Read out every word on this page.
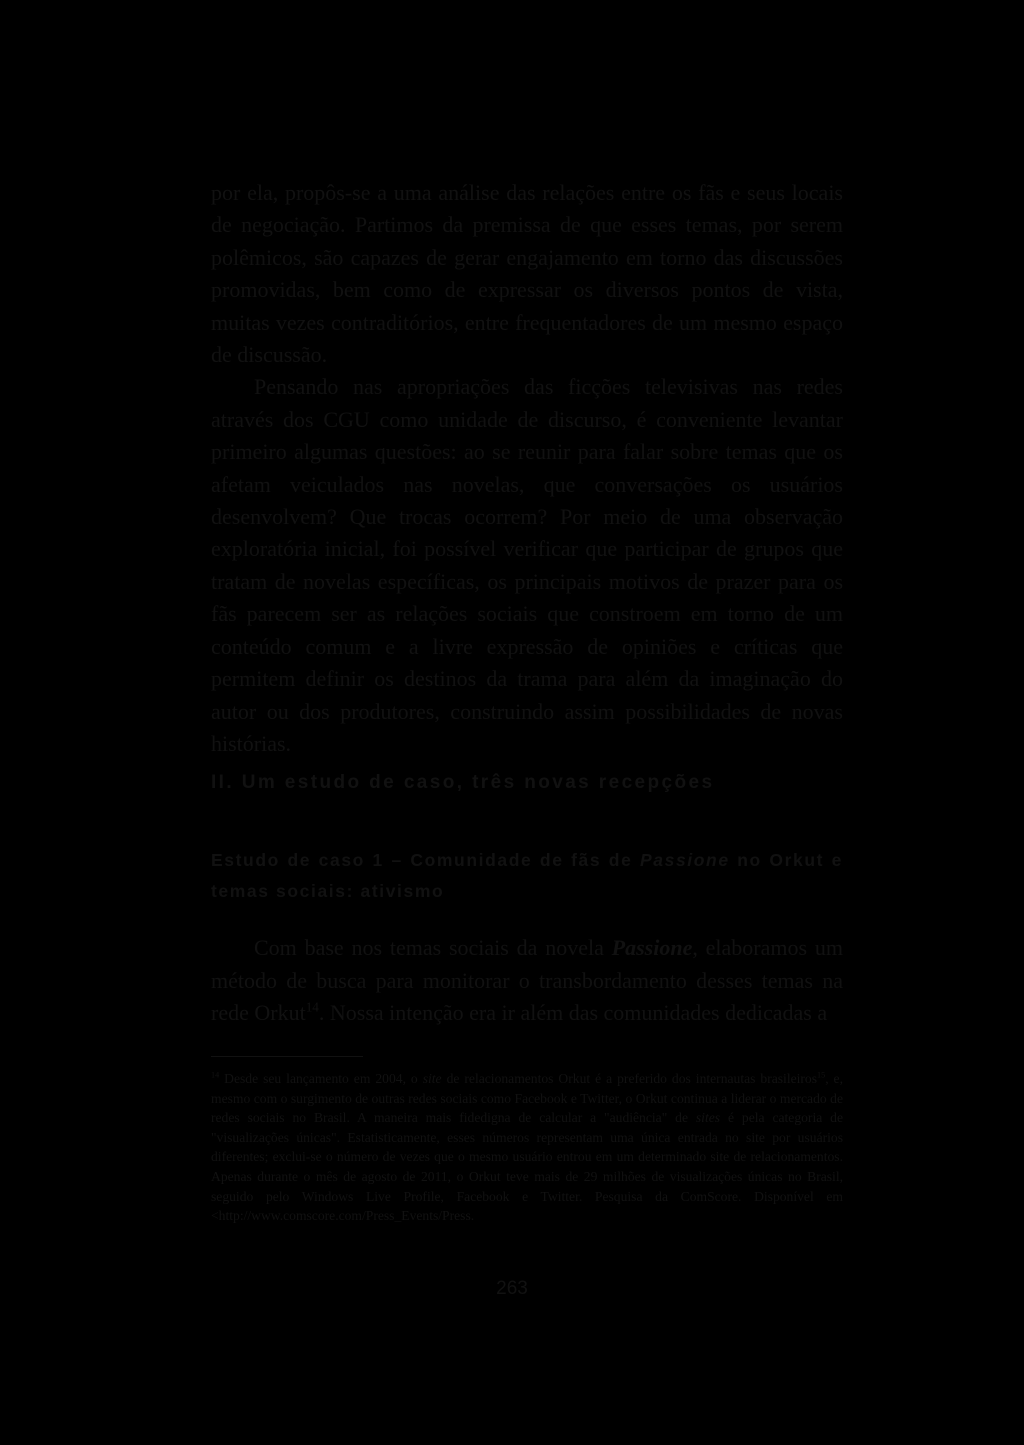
por ela, propôs-se a uma análise das relações entre os fãs e seus locais de negociação. Partimos da premissa de que esses temas, por serem polêmicos, são capazes de gerar engajamento em torno das discussões promovidas, bem como de expressar os diversos pontos de vista, muitas vezes contraditórios, entre frequentadores de um mesmo espaço de discussão.

Pensando nas apropriações das ficções televisivas nas redes através dos CGU como unidade de discurso, é conveniente levantar primeiro algumas questões: ao se reunir para falar sobre temas que os afetam veiculados nas novelas, que conversações os usuários desenvolvem? Que trocas ocorrem? Por meio de uma observação exploratória inicial, foi possível verificar que participar de grupos que tratam de novelas específicas, os principais motivos de prazer para os fãs parecem ser as relações sociais que constroem em torno de um conteúdo comum e a livre expressão de opiniões e críticas que permitem definir os destinos da trama para além da imaginação do autor ou dos produtores, construindo assim possibilidades de novas histórias.

II. Um estudo de caso, três novas recepções
Estudo de caso 1 – Comunidade de fãs de Passione no Orkut e temas sociais: ativismo

Com base nos temas sociais da novela Passione, elaboramos um método de busca para monitorar o transbordamento desses temas na rede Orkut$^{14}$. Nossa intenção era ir além das comunidades dedicadas a

$^{14}$ Desde seu lançamento em 2004, o site de relacionamentos Orkut é a preferido dos internautas brasileiros$^{15}$, e, mesmo com o surgimento de outras redes sociais como Facebook e Twitter, o Orkut continua a liderar o mercado de redes sociais no Brasil. A maneira mais fidedigna de calcular a "audiência" de sites é pela categoria de "visualizações únicas". Estatisticamente, esses números representam uma única entrada no site por usuários diferentes; exclui-se o número de vezes que o mesmo usuário entrou em um determinado site de relacionamentos. Apenas durante o mês de agosto de 2011, o Orkut teve mais de 29 milhões de visualizações únicas no Brasil, seguido pelo Windows Live Profile, Facebook e Twitter. Pesquisa da ComScore. Disponível em <http://www.comscore.com/Press_Events/Press.
263
